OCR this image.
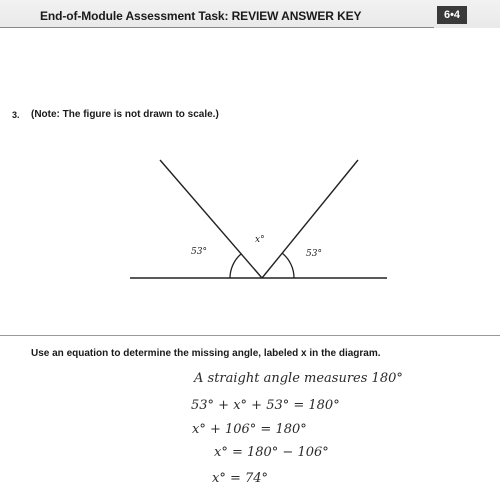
End-of-Module Assessment Task: REVIEW ANSWER KEY	6•4
3. (Note: The figure is not drawn to scale.)
53°
x°
53°
Use an equation to determine the missing angle, labeled x in the diagram.
A straight angle measures 180°
53° + x° + 53° = 180°
x° + 106° = 180°
x° = 180° − 106°
x° = 74°
